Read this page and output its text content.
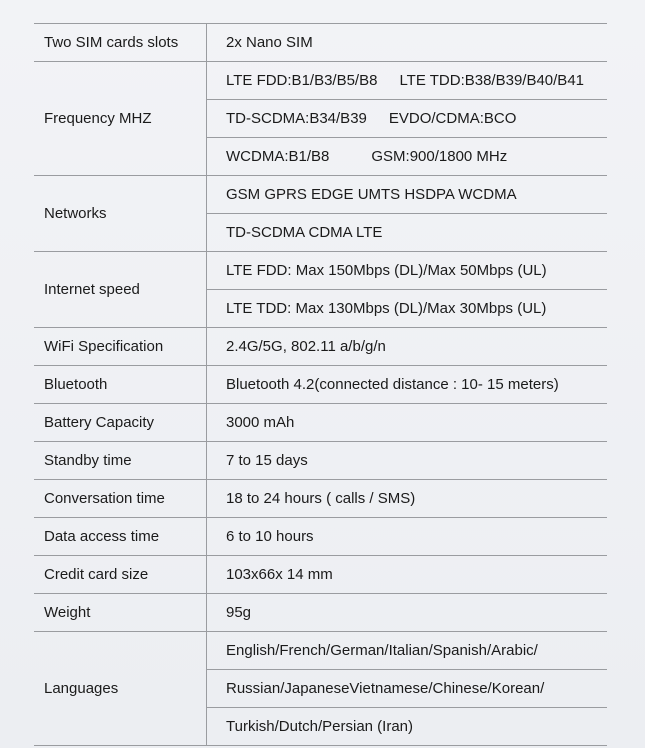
Two SIM cards slots	2x Nano SIM
Frequency MHZ	LTE FDD:B1/B3/B5/B8 LTE TDD:B38/B39/B40/B41
	TD-SCDMA:B34/B39 EVDO/CDMA:BCO
	WCDMA:B1/B8 GSM:900/1800 MHz
Networks	GSM GPRS EDGE UMTS HSDPA WCDMA
	TD-SCDMA CDMA LTE
Internet speed	LTE FDD: Max 150Mbps (DL)/Max 50Mbps (UL)
	LTE TDD: Max 130Mbps (DL)/Max 30Mbps (UL)
WiFi Specification	2.4G/5G, 802.11 a/b/g/n
Bluetooth	Bluetooth 4.2(connected distance : 10- 15 meters)
Battery Capacity	3000 mAh
Standby time	7 to 15 days
Conversation time	18 to 24 hours ( calls / SMS)
Data access time	6 to 10 hours
Credit card size	103x66x 14 mm
Weight	95g
Languages	English/French/German/Italian/Spanish/Arabic/
	Russian/JapaneseVietnamese/Chinese/Korean/
	Turkish/Dutch/Persian (Iran)
